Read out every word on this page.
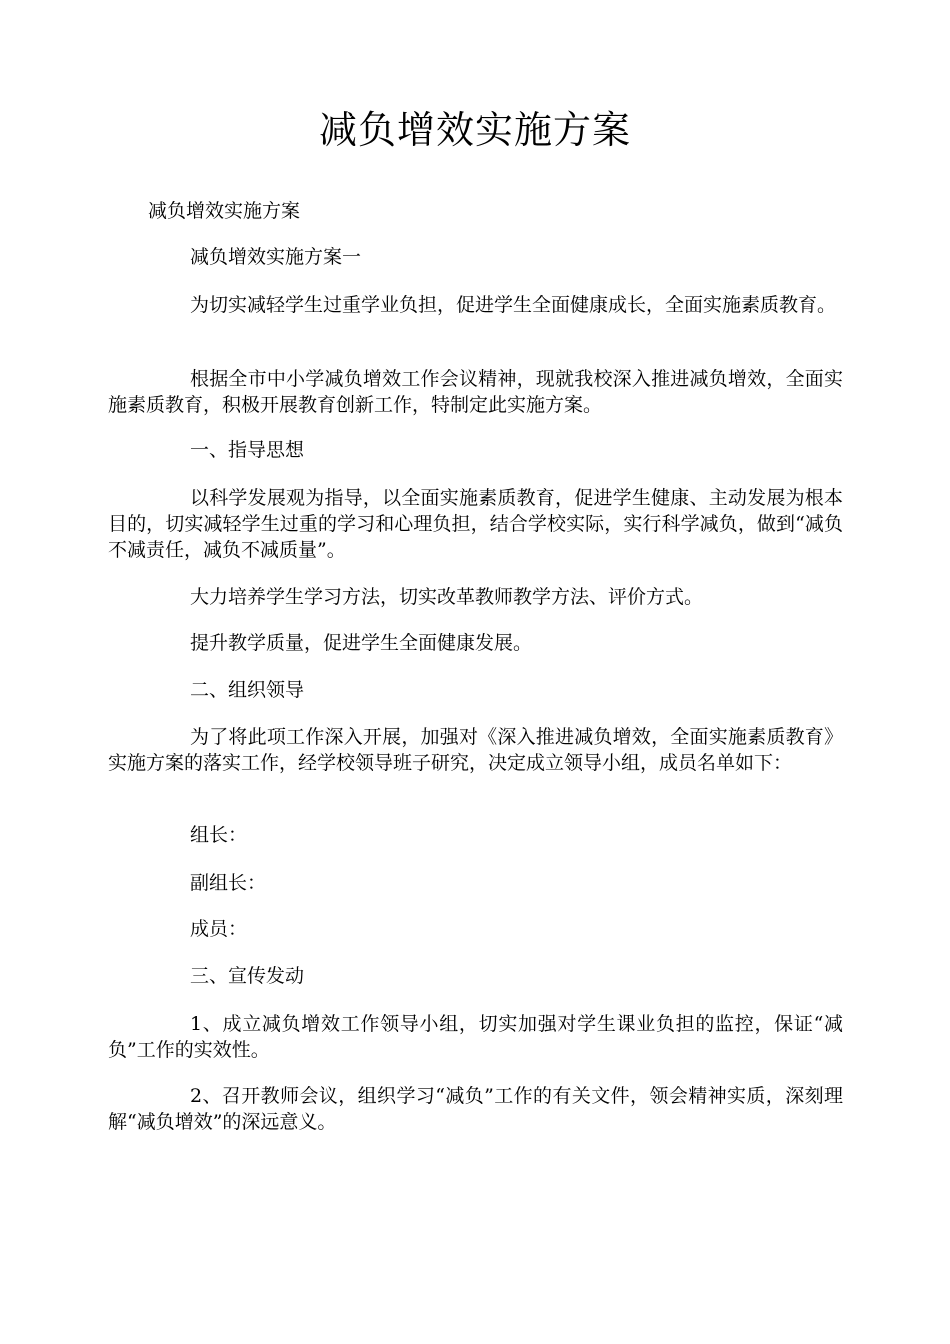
减负增效实施方案

减负增效实施方案

减负增效实施方案一

为切实减轻学生过重学业负担，促进学生全面健康成长，全面实施素质教育。

根据全市中小学减负增效工作会议精神，现就我校深入推进减负增效，全面实施素质教育，积极开展教育创新工作，特制定此实施方案。

一、指导思想

以科学发展观为指导，以全面实施素质教育，促进学生健康、主动发展为根本目的，切实减轻学生过重的学习和心理负担，结合学校实际，实行科学减负，做到“减负不减责任，减负不减质量”。

大力培养学生学习方法，切实改革教师教学方法、评价方式。

提升教学质量，促进学生全面健康发展。

二、组织领导

为了将此项工作深入开展，加强对《深入推进减负增效，全面实施素质教育》实施方案的落实工作，经学校领导班子研究，决定成立领导小组，成员名单如下：

组长：

副组长：

成员：

三、宣传发动

1、成立减负增效工作领导小组，切实加强对学生课业负担的监控，保证“减负”工作的实效性。

2、召开教师会议，组织学习“减负”工作的有关文件，领会精神实质，深刻理解“减负增效”的深远意义。
